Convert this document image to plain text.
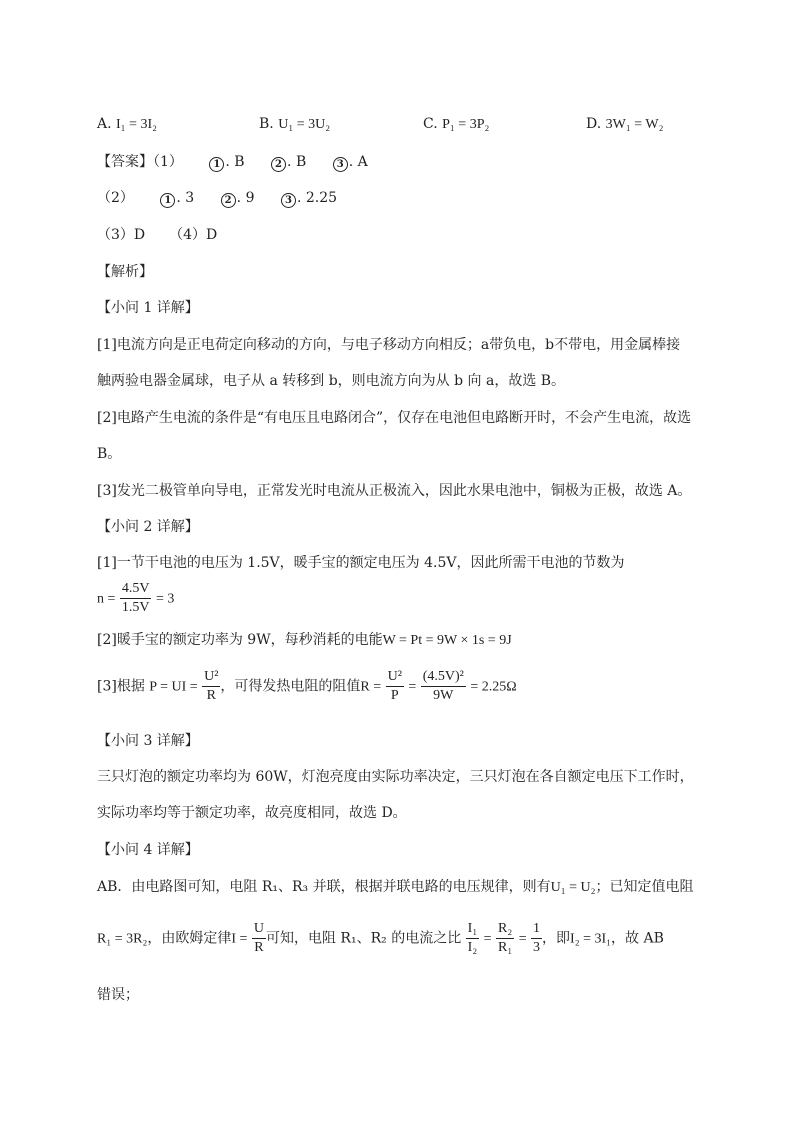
A. I₁ = 3I₂	B. U₁ = 3U₂	C. P₁ = 3P₂	D. 3W₁ = W₂
【答案】（1）	1 . B	2 . B	3 . A
（2）	1 . 3	2 . 9	3 . 2.25
（3）D （4）D
【解析】
【小问 1 详解】
[1]电流方向是正电荷定向移动的方向，与电子移动方向相反；a带负电，b不带电，用金属棒接
触两验电器金属球，电子从 a 转移到 b，则电流方向为从 b 向 a，故选 B。
[2]电路产生电流的条件是“有电压且电路闭合”，仅存在电池但电路断开时，不会产生电流，故选
B。
[3]发光二极管单向导电，正常发光时电流从正极流入，因此水果电池中，铜极为正极，故选 A。
【小问 2 详解】
[1]一节干电池的电压为 1.5V，暖手宝的额定电压为 4.5V，因此所需干电池的节数为
$n = \frac{4.5V}{1.5V} = 3$
[2]暖手宝的额定功率为 9W，每秒消耗的电能W = Pt = 9W × 1s = 9J
[3]根据 P = UI = $\frac{\text{U²}}{R}$ ，可得发热电阻的阻值$R = \frac{\text{U²}}{P} = \frac{\text{(4.5V)²}}{9W} = 2.25\Omega$
【小问 3 详解】
三只灯泡的额定功率均为 60W，灯泡亮度由实际功率决定，三只灯泡在各自额定电压下工作时，
实际功率均等于额定功率，故亮度相同，故选 D。
【小问 4 详解】
AB．由电路图可知，电阻 R₁、R₃ 并联，根据并联电路的电压规律，则有U₁ = U₂；已知定值电阻
R₁ = 3R₂，由欧姆定律$I = \frac{U}{R}$ 可知，电阻 R₁、R₂ 的电流之比 $\frac{\text{I₁}}{\text{I₂}} = \frac{\text{R₂}}{\text{R₁}} = \frac{1}{3}$ ，即I₂ = 3I₁，故 AB
错误；
